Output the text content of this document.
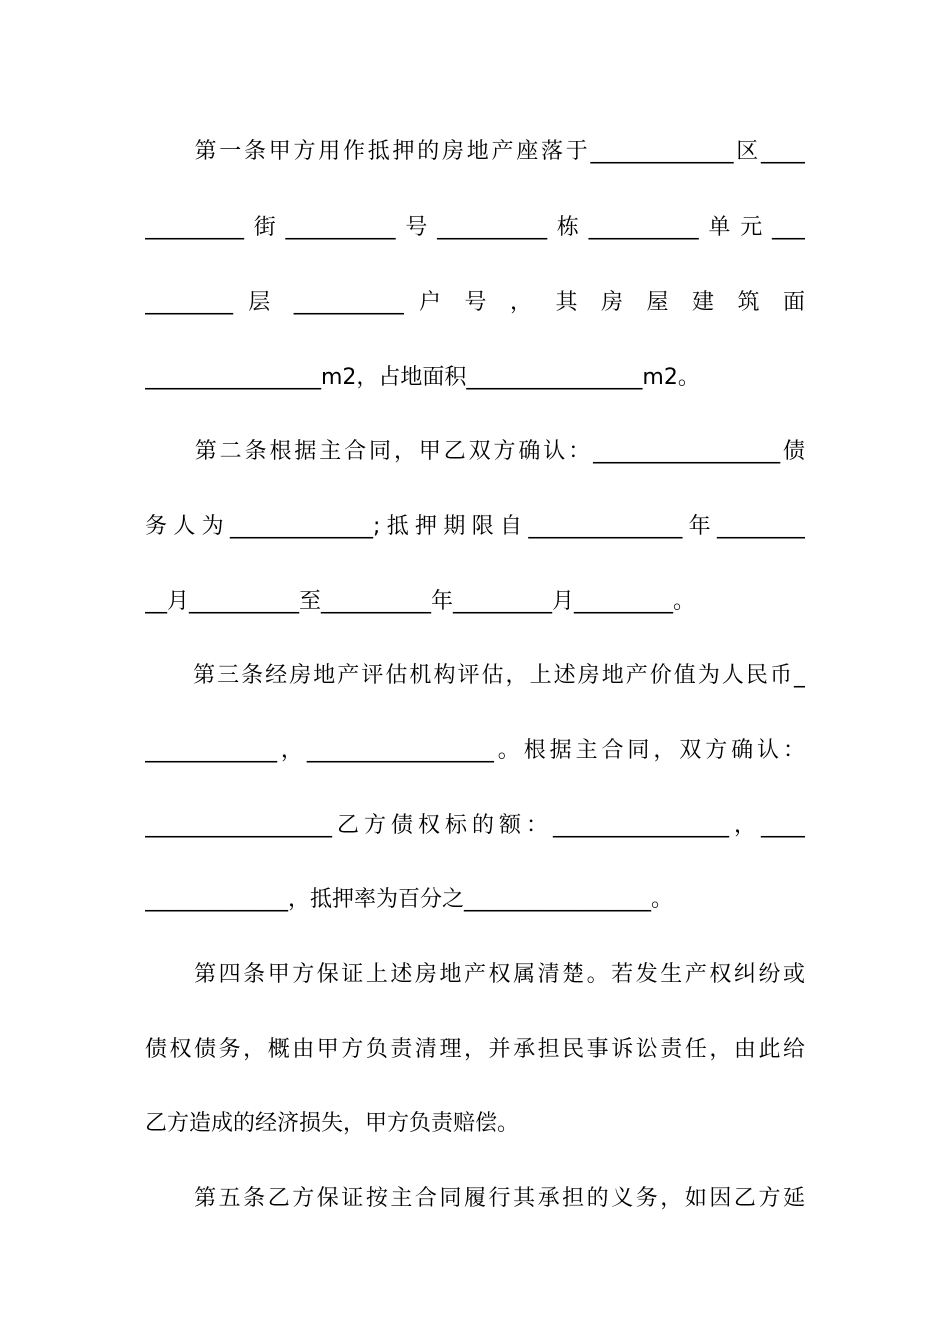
　　第一条甲方用作抵押的房地产座落于_____________区____
_________街__________号__________栋__________单元___
________ 层 __________ 户 号 ， 其 房 屋 建 筑 面
________________m2，占地面积________________m2。
　　第二条根据主合同，甲乙双方确认：_________________债
务人为_____________;抵押期限自______________年________
__月__________至__________年_________月_________。
　　第三条经房地产评估机构评估，上述房地产价值为人民币_
____________，_________________。根据主合同，双方确认：
_________________乙方债权标的额：________________，____
_____________，抵押率为百分之_________________。
　　第四条甲方保证上述房地产权属清楚。若发生产权纠纷或
债权债务，概由甲方负责清理，并承担民事诉讼责任，由此给
乙方造成的经济损失，甲方负责赔偿。
　　第五条乙方保证按主合同履行其承担的义务，如因乙方延
